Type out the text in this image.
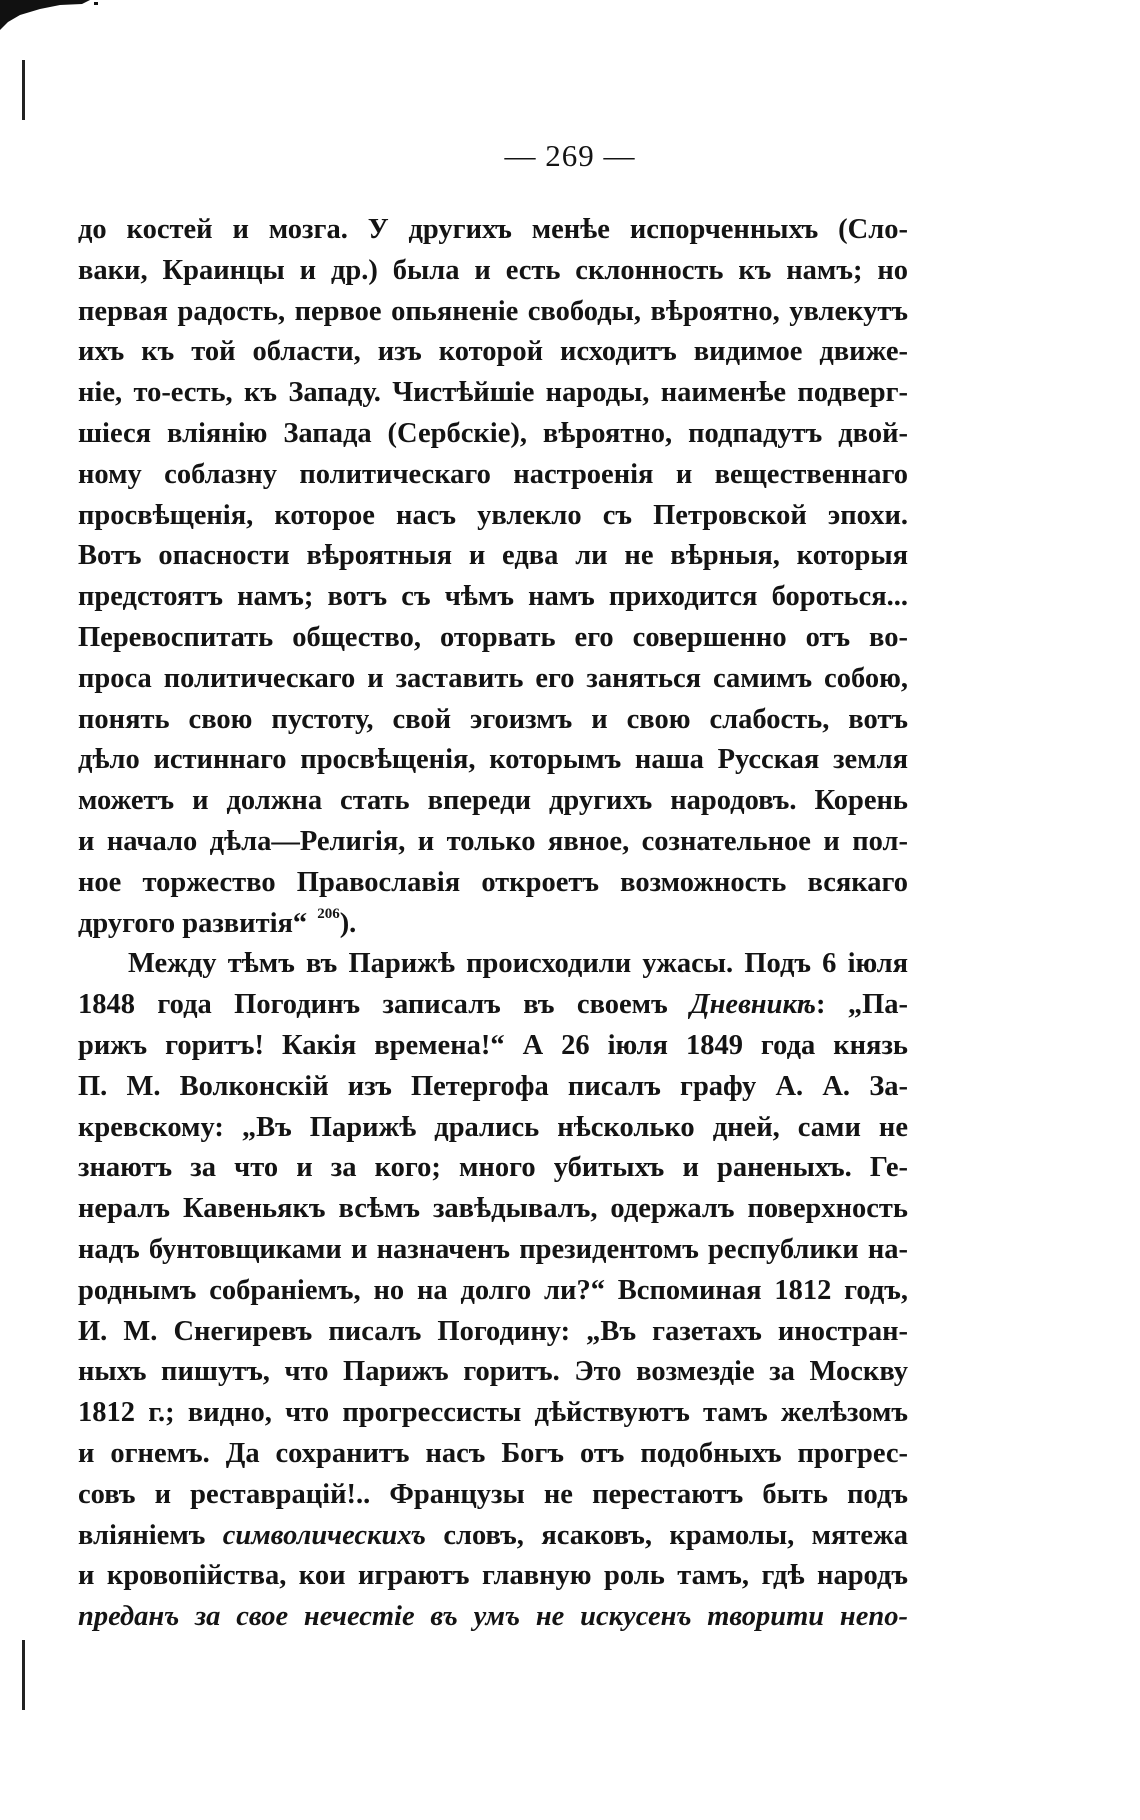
— 269 —
до костей и мозга. У другихъ менѣе испорченныхъ (Сло-
ваки, Краинцы и др.) была и есть склонность къ намъ; но
первая радость, первое опьяненіе свободы, вѣроятно, увлекутъ
ихъ къ той области, изъ которой исходитъ видимое движе-
ніе, то-есть, къ Западу. Чистѣйшіе народы, наименѣе подверг-
шіеся вліянію Запада (Сербскіе), вѣроятно, подпадутъ двой-
ному соблазну политическаго настроенія и вещественнаго
просвѣщенія, которое насъ увлекло съ Петровской эпохи.
Вотъ опасности вѣроятныя и едва ли не вѣрныя, которыя
предстоятъ намъ; вотъ съ чѣмъ намъ приходится бороться...
Перевоспитать общество, оторвать его совершенно отъ во-
проса политическаго и заставить его заняться самимъ собою,
понять свою пустоту, свой эгоизмъ и свою слабость, вотъ
дѣло истиннаго просвѣщенія, которымъ наша Русская земля
можетъ и должна стать впереди другихъ народовъ. Корень
и начало дѣла—Религія, и только явное, сознательное и пол-
ное торжество Православія откроетъ возможность всякаго
другого развитія“ $^{206}$).
Между тѣмъ въ Парижѣ происходили ужасы. Подъ 6 іюля
1848 года Погодинъ записалъ въ своемъ Дневникѣ: „Па-
рижъ горитъ! Какія времена!“ А 26 іюля 1849 года князь
П. М. Волконскій изъ Петергофа писалъ графу А. А. За-
кревскому: „Въ Парижѣ дрались нѣсколько дней, сами не
знаютъ за что и за кого; много убитыхъ и раненыхъ. Ге-
нералъ Кавеньякъ всѣмъ завѣдывалъ, одержалъ поверхность
надъ бунтовщиками и назначенъ президентомъ республики на-
роднымъ собраніемъ, но на долго ли?“ Вспоминая 1812 годъ,
И. М. Снегиревъ писалъ Погодину: „Въ газетахъ иностран-
ныхъ пишутъ, что Парижъ горитъ. Это возмездіе за Москву
1812 г.; видно, что прогрессисты дѣйствуютъ тамъ желѣзомъ
и огнемъ. Да сохранитъ насъ Богъ отъ подобныхъ прогрес-
совъ и реставрацій!.. Французы не перестаютъ быть подъ
вліяніемъ символическихъ словъ, ясаковъ, крамолы, мятежа
и кровопійства, кои играютъ главную роль тамъ, гдѣ народъ
преданъ за свое нечестіе въ умъ не искусенъ творити непо-
